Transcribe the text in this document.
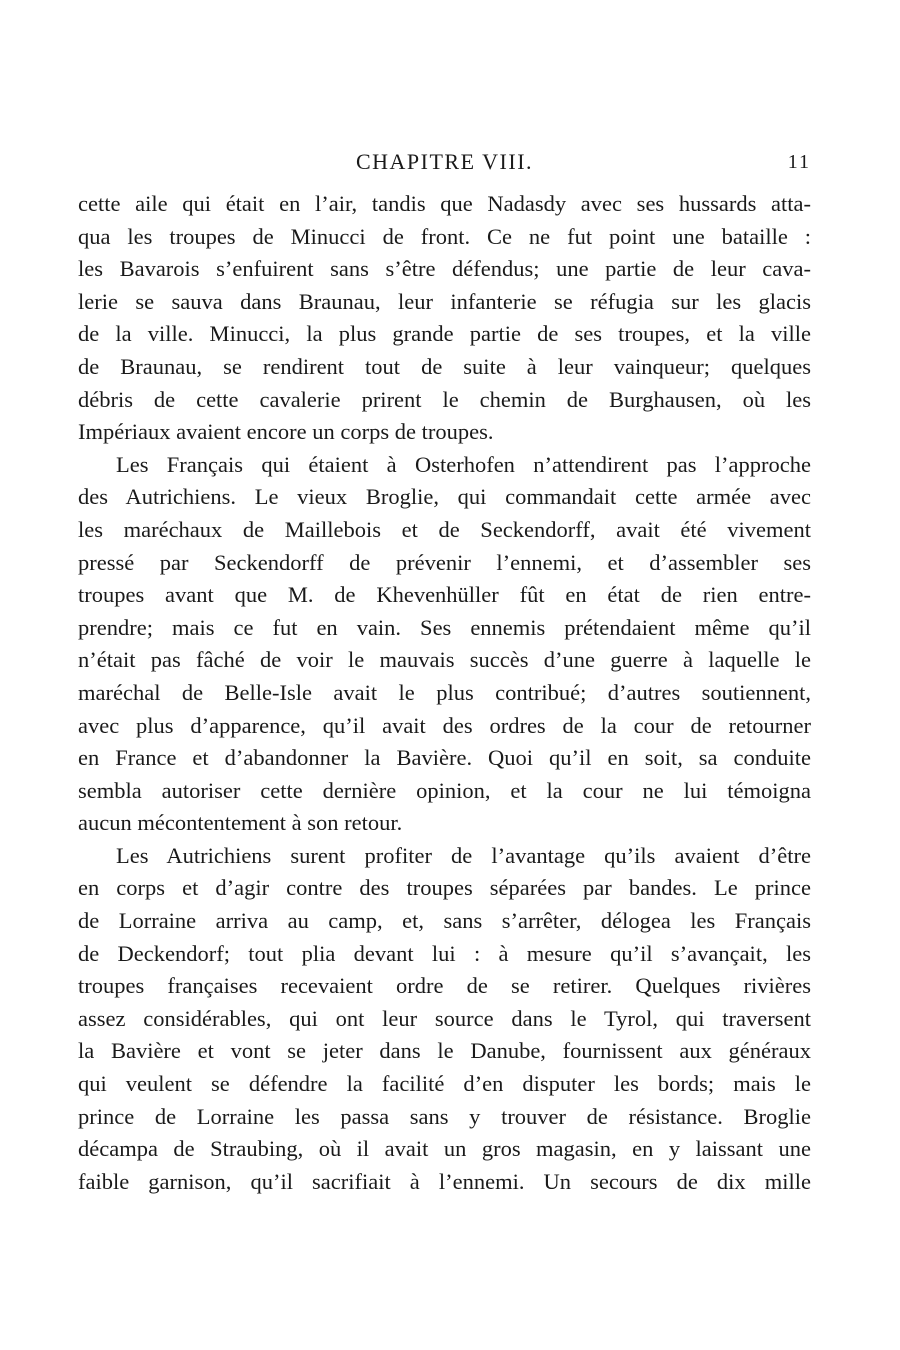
CHAPITRE VIII.	11
cette aile qui était en l’air, tandis que Nadasdy avec ses hussards atta-
qua les troupes de Minucci de front. Ce ne fut point une bataille :
les Bavarois s’enfuirent sans s’être défendus; une partie de leur cava-
lerie se sauva dans Braunau, leur infanterie se réfugia sur les glacis
de la ville. Minucci, la plus grande partie de ses troupes, et la ville
de Braunau, se rendirent tout de suite à leur vainqueur; quelques
débris de cette cavalerie prirent le chemin de Burghausen, où les
Impériaux avaient encore un corps de troupes.
Les Français qui étaient à Osterhofen n’attendirent pas l’approche
des Autrichiens. Le vieux Broglie, qui commandait cette armée avec
les maréchaux de Maillebois et de Seckendorff, avait été vivement
pressé par Seckendorff de prévenir l’ennemi, et d’assembler ses
troupes avant que M. de Khevenhüller fût en état de rien entre-
prendre; mais ce fut en vain. Ses ennemis prétendaient même qu’il
n’était pas fâché de voir le mauvais succès d’une guerre à laquelle le
maréchal de Belle-Isle avait le plus contribué; d’autres soutiennent,
avec plus d’apparence, qu’il avait des ordres de la cour de retourner
en France et d’abandonner la Bavière. Quoi qu’il en soit, sa conduite
sembla autoriser cette dernière opinion, et la cour ne lui témoigna
aucun mécontentement à son retour.
Les Autrichiens surent profiter de l’avantage qu’ils avaient d’être
en corps et d’agir contre des troupes séparées par bandes. Le prince
de Lorraine arriva au camp, et, sans s’arrêter, délogea les Français
de Deckendorf; tout plia devant lui : à mesure qu’il s’avançait, les
troupes françaises recevaient ordre de se retirer. Quelques rivières
assez considérables, qui ont leur source dans le Tyrol, qui traversent
la Bavière et vont se jeter dans le Danube, fournissent aux généraux
qui veulent se défendre la facilité d’en disputer les bords; mais le
prince de Lorraine les passa sans y trouver de résistance. Broglie
décampa de Straubing, où il avait un gros magasin, en y laissant une
faible garnison, qu’il sacrifiait à l’ennemi. Un secours de dix mille
